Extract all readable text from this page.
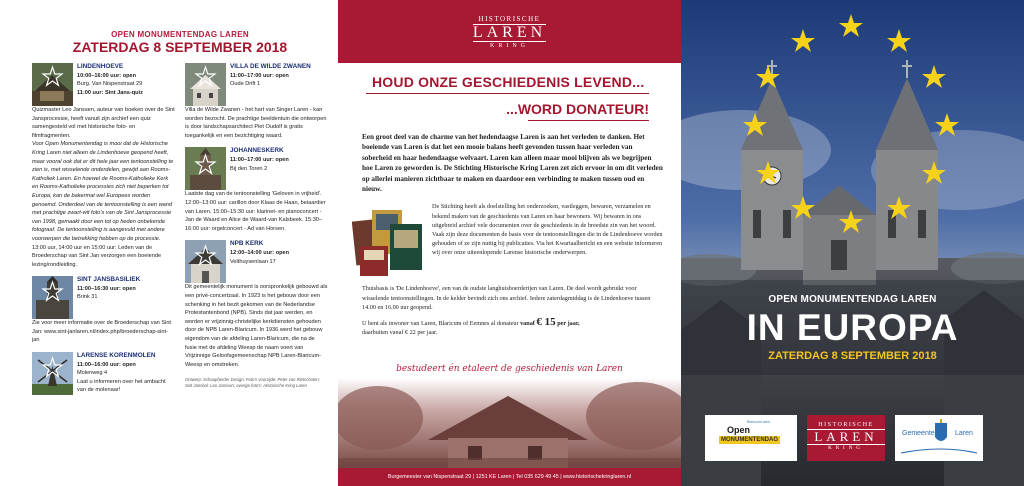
OPEN MONUMENTENDAG LAREN
ZATERDAG 8 SEPTEMBER 2018
LINDENHOEVE
10:00–16:00 uur: open
Burg. Van Nispenstraat 29
11:00 uur: Sint Jans-quiz
Quizmaster Leo Janssen, auteur van boeken over de Sint Jansprocessie, heeft vanuit zijn archief een quiz samengesteld vol met historische foto- en filmfragmenten.
Voor Open Monumentendag is mooi dat de Historische Kring Laren niet alleen de Lindenhoeve geopend heeft, maar vooral ook dat er dit hele jaar een tentoonstelling te zien is, met wisselende onderdelen, gewijd aan Rooms-Katholiek Laren. En hoewel de Rooms-Katholieke Kerk en Rooms-Katholieke processies zich niet beperken tot Europa, kan de bakermat wel Europees worden genoemd. Onderdeel van de tentoonstelling is een wand met prachtige zwart-wit foto's van de Sint Jansprocessie van 1998, gemaakt door een tot op heden onbekende fotograaf. De tentoonstelling is aangevuld met andere voorwerpen die betrekking hebben op de processie.
13:00 uur, 14:00 uur en 15:00 uur: Leden van de Broederschap van Sint Jan verzorgen een boeiende lezing/rondleiding.
SINT JANSBASILIEK
11:00–16:30 uur: open
Brink 31
Zie voor meer informatie over de Broederschap van Sint Jan: www.sint-janlaren.nl/index.php/broederschap-sint-jan
LARENSE KORENMOLEN
11:00–16:00 uur: open
Molenweg 4
Laat u informeren over het ambacht van de molenaar!
VILLA DE WILDE ZWANEN
11:00–17:00 uur: open
Oude Drift 1
Villa de Wilde Zwanen - het hart van Singer Laren - kan worden bezocht. De prachtige beeldentuin die ontworpen is door landschapsarchitect Piet Oudolf is gratis toegankelijk en een bezichtiging waard.
JOHANNESKERK
11:00–17:00 uur: open
Bij den Toren 2
Laatste dag van de tentoonstelling 'Geloven in vrijheid'.
12:00–13:00 uur: carillon door Klaas de Haan, beiaardier van Laren. 15:00–15:30 uur: klarinet- en pianoconcert - Jan de Waard en Alice de Waard-van Kalsbeek. 15:30–16:00 uur: orgelconcert - Ad van Horsen.
NPB KERK
12:00–14:00 uur: open
Velthuysenlaan 17
Dit gemeentelijk monument is oorspronkelijk gebouwd als een privé-concertzaal. In 1923 is het gebouw door een schenking in het bezit gekomen van de Nederlandse Protestantenbond (NPB). Sinds dat jaar werden, en worden er vrijzinnig-christelijke kerkdiensten gehouden door de NPB Laren-Blaricum. In 1936 werd het gebouw eigendom van de afdeling Laren-Blaricum, die na de fusie met de afdeling Weesp de naam voert van Vrijzinnige Geloofsgemeenschap NPB Laren-Blaricum-Weesp en omstreken.
Ontwerp: Schaapherder Design. Foto's voorzijde: Peter van Rietschoten; Sint Jansbal: Leo Janssen; overige foto's: Historische Kring Laren
HISTORISCHE
LAREN
KRING
HOUD ONZE GESCHIEDENIS LEVEND...
...WORD DONATEUR!
Een groot deel van de charme van het hedendaagse Laren is aan het verleden te danken. Het boeiende van Laren is dat het een mooie balans heeft gevonden tussen haar verleden van soberheid en haar hedendaagse welvaart. Laren kan alleen maar mooi blijven als we begrijpen hoe Laren zo geworden is. De Stichting Historische Kring Laren zet zich ervoor in om dit verleden op allerlei manieren zichtbaar te maken en daardoor een verbinding te maken tussen oud en nieuw.
De Stichting heeft als doelstelling het onderzoeken, vastleggen, bewaren, verzamelen en bekend maken van de geschiedenis van Laren en haar bewoners. Wij bewaren in ons uitgebreid archief vele documenten over de geschiedenis in de breedste zin van het woord. Vaak zijn deze documenten de basis voor de tentoonstellingen die in de Lindenhoeve worden gehouden of ze zijn nuttig bij publicaties. Via het Kwartaalbericht en een website informeren wij over onze uiteenlopende Larense historische onderwerpen.
Thuisbasis is 'De Lindenhoeve', een van de oudste langhuisboerderijen van Laren. De deel wordt gebruikt voor wisselende tentoonstellingen. In de kelder bevindt zich ons archief. Iedere zaterdagmiddag is de Lindenhoeve tussen 14.00 en 16.00 uur geopend.
U bent als inwoner van Laren, Blaricum of Eemnes al donateur vanaf € 15 per jaar,
daarbuiten vanaf € 22 per jaar.
bestudeert én etaleert de geschiedenis van Laren
Burgemeester van Nispenstraat 29 | 1251 KE Laren | Tel 035 629 49 45 | www.historischekringlaren.nl
OPEN MONUMENTENDAG LAREN
IN EUROPA
ZATERDAG 8 SEPTEMBER 2018
BlaricumLaren
Open
MONUMENTENDAG
HISTORISCHE
LAREN
KRING
Gemeente	Laren
